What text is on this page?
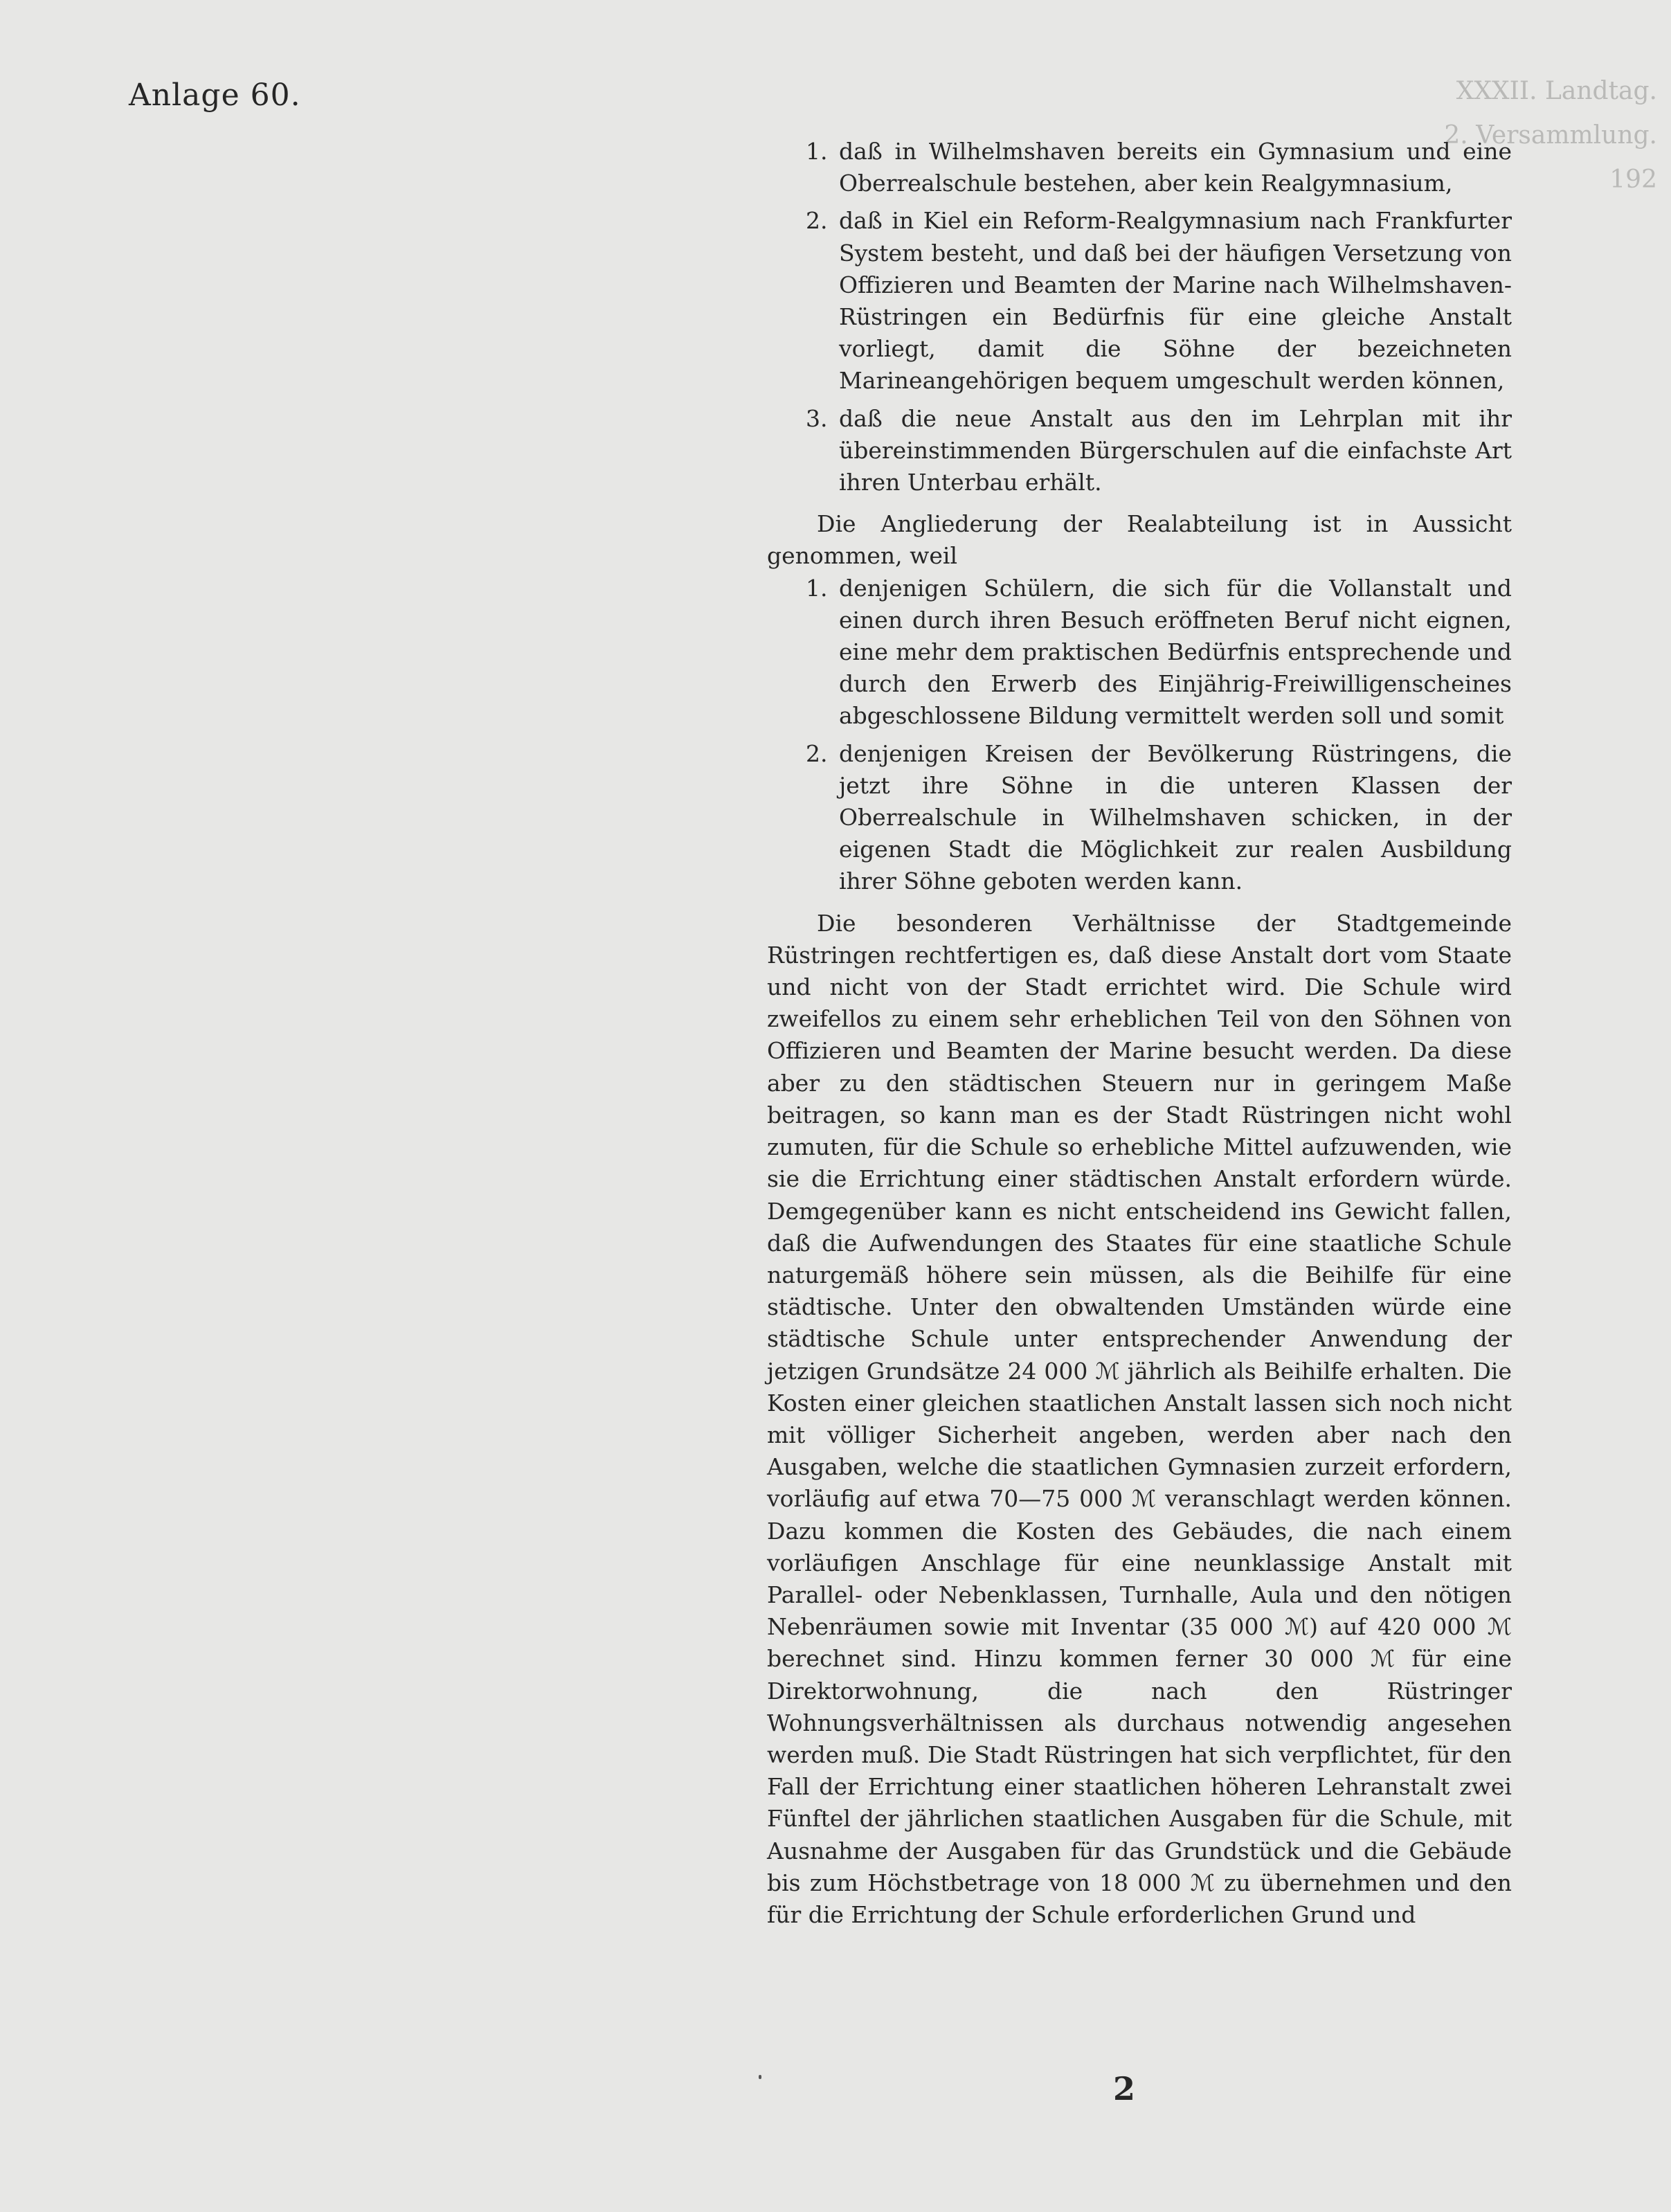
Anlage 60.	XXXII. Landtag.
2. Versammlung.
192
1. daß in Wilhelmshaven bereits ein Gymnasium und eine Oberrealschule bestehen, aber kein Realgymnasium,
2. daß in Kiel ein Reform-Realgymnasium nach Frankfurter System besteht, und daß bei der häufigen Versetzung von Offizieren und Beamten der Marine nach Wilhelmshaven-Rüstringen ein Bedürfnis für eine gleiche Anstalt vorliegt, damit die Söhne der bezeichneten Marineangehörigen bequem umgeschult werden können,
3. daß die neue Anstalt aus den im Lehrplan mit ihr übereinstimmenden Bürgerschulen auf die einfachste Art ihren Unterbau erhält.

Die Angliederung der Realabteilung ist in Aussicht genommen, weil

1. denjenigen Schülern, die sich für die Vollanstalt und einen durch ihren Besuch eröffneten Beruf nicht eignen, eine mehr dem praktischen Bedürfnis entsprechende und durch den Erwerb des Einjährig-Freiwilligenscheines abgeschlossene Bildung vermittelt werden soll und somit
2. denjenigen Kreisen der Bevölkerung Rüstringens, die jetzt ihre Söhne in die unteren Klassen der Oberrealschule in Wilhelmshaven schicken, in der eigenen Stadt die Möglichkeit zur realen Ausbildung ihrer Söhne geboten werden kann.

Die besonderen Verhältnisse der Stadtgemeinde Rüstringen rechtfertigen es, daß diese Anstalt dort vom Staate und nicht von der Stadt errichtet wird. Die Schule wird zweifellos zu einem sehr erheblichen Teil von den Söhnen von Offizieren und Beamten der Marine besucht werden. Da diese aber zu den städtischen Steuern nur in geringem Maße beitragen, so kann man es der Stadt Rüstringen nicht wohl zumuten, für die Schule so erhebliche Mittel aufzuwenden, wie sie die Errichtung einer städtischen Anstalt erfordern würde. Demgegenüber kann es nicht entscheidend ins Gewicht fallen, daß die Aufwendungen des Staates für eine staatliche Schule naturgemäß höhere sein müssen, als die Beihilfe für eine städtische. Unter den obwaltenden Umständen würde eine städtische Schule unter entsprechender Anwendung der jetzigen Grundsätze 24 000 ℳ jährlich als Beihilfe erhalten. Die Kosten einer gleichen staatlichen Anstalt lassen sich noch nicht mit völliger Sicherheit angeben, werden aber nach den Ausgaben, welche die staatlichen Gymnasien zurzeit erfordern, vorläufig auf etwa 70—75 000 ℳ veranschlagt werden können. Dazu kommen die Kosten des Gebäudes, die nach einem vorläufigen Anschlage für eine neunklassige Anstalt mit Parallel- oder Nebenklassen, Turnhalle, Aula und den nötigen Nebenräumen sowie mit Inventar (35 000 ℳ) auf 420 000 ℳ berechnet sind. Hinzu kommen ferner 30 000 ℳ für eine Direktorwohnung, die nach den Rüstringer Wohnungsverhältnissen als durchaus notwendig angesehen werden muß. Die Stadt Rüstringen hat sich verpflichtet, für den Fall der Errichtung einer staatlichen höheren Lehranstalt zwei Fünftel der jährlichen staatlichen Ausgaben für die Schule, mit Ausnahme der Ausgaben für das Grundstück und die Gebäude bis zum Höchstbetrage von 18 000 ℳ zu übernehmen und den für die Errichtung der Schule erforderlichen Grund und

2
